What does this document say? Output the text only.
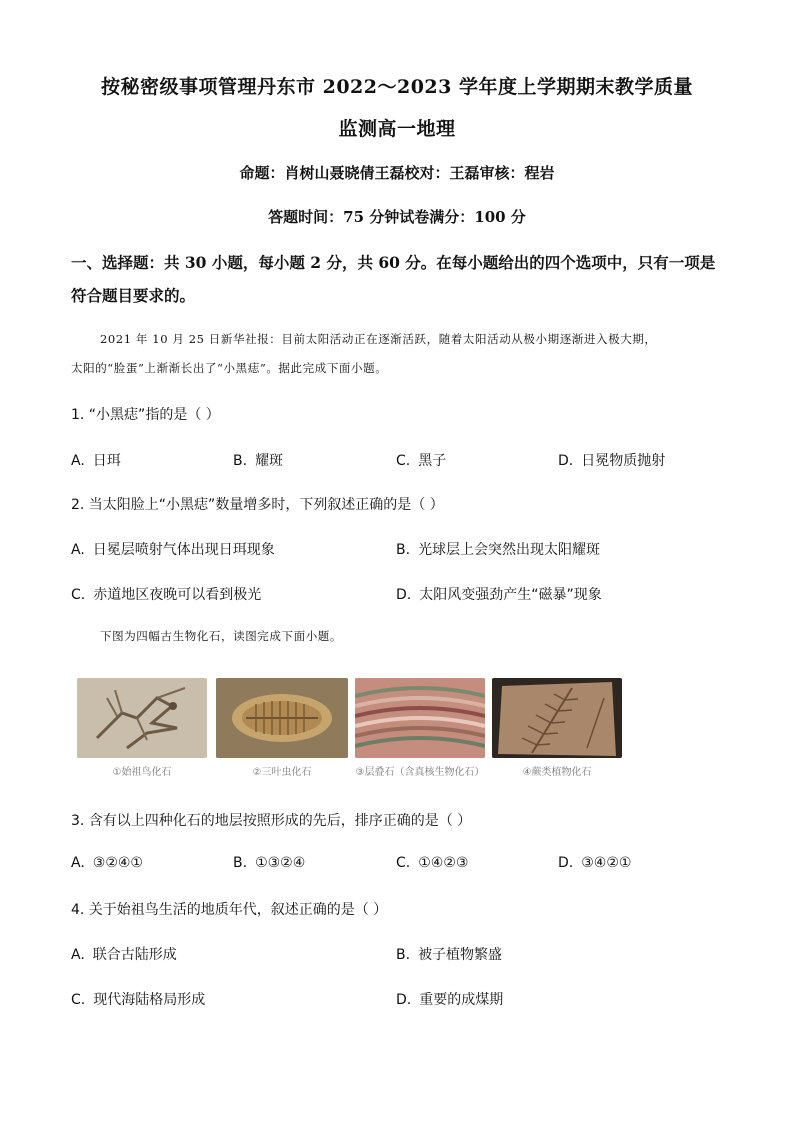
按秘密级事项管理丹东市 2022～2023 学年度上学期期末教学质量
监测高一地理
命题：肖树山聂晓倩王磊校对：王磊审核：程岩
答题时间：75 分钟试卷满分：100 分
一、选择题：共 30 小题，每小题 2 分，共 60 分。在每小题给出的四个选项中，只有一项是
符合题目要求的。
2021 年 10 月 25 日新华社报：目前太阳活动正在逐渐活跃，随着太阳活动从极小期逐渐进入极大期，
太阳的“脸蛋”上渐渐长出了“小黑痣”。据此完成下面小题。
1. “小黑痣”指的是（ ）
A. 日珥	B. 耀斑	C. 黑子	D. 日冕物质抛射
2. 当太阳脸上“小黑痣”数量增多时，下列叙述正确的是（ ）
A. 日冕层喷射气体出现日珥现象	B. 光球层上会突然出现太阳耀斑
C. 赤道地区夜晚可以看到极光	D. 太阳风变强劲产生“磁暴”现象
下图为四幅古生物化石，读图完成下面小题。
①始祖鸟化石	②三叶虫化石	③层叠石（含真核生物化石）	④蕨类植物化石
3. 含有以上四种化石的地层按照形成的先后，排序正确的是（ ）
A. ③②④①	B. ①③②④	C. ①④②③	D. ③④②①
4. 关于始祖鸟生活的地质年代，叙述正确的是（ ）
A. 联合古陆形成	B. 被子植物繁盛
C. 现代海陆格局形成	D. 重要的成煤期
